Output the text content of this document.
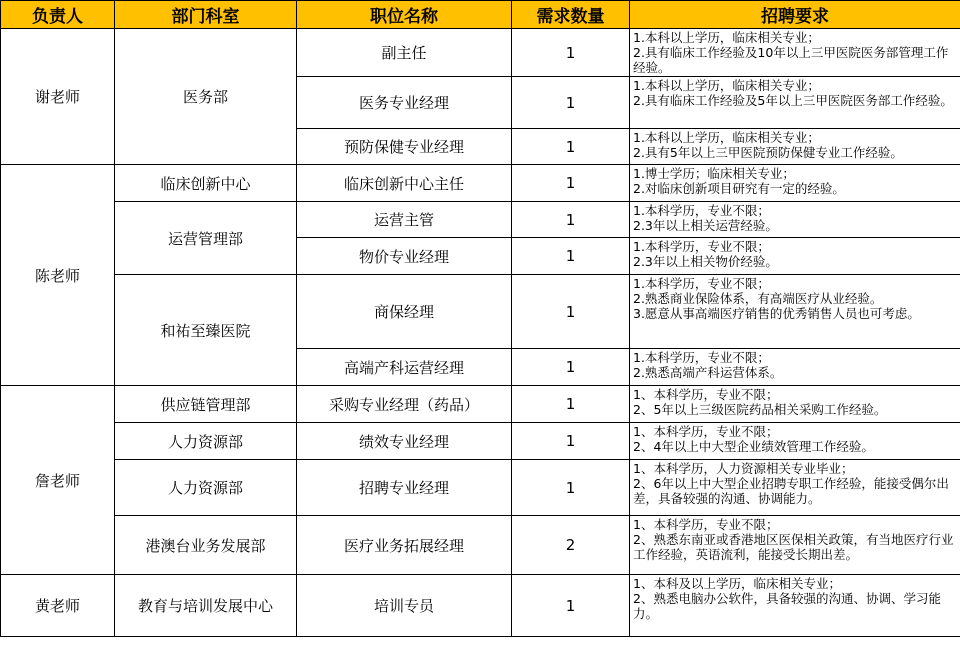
负责人	部门科室	职位名称	需求数量	招聘要求
谢老师	医务部	副主任	1	1.本科以上学历，临床相关专业；
2.具有临床工作经验及10年以上三甲医院医务部管理工作经验。

		医务专业经理	1	1.本科以上学历，临床相关专业；
2.具有临床工作经验及5年以上三甲医院医务部工作经验。

		预防保健专业经理	1	1.本科以上学历，临床相关专业；
2.具有5年以上三甲医院预防保健专业工作经验。

陈老师	临床创新中心	临床创新中心主任	1	1.博士学历；临床相关专业；
2.对临床创新项目研究有一定的经验。

	运营管理部	运营主管	1	1.本科学历，专业不限；
2.3年以上相关运营经验。

		物价专业经理	1	1.本科学历，专业不限；
2.3年以上相关物价经验。

	和祐至臻医院	商保经理	1	1.本科学历，专业不限；
2.熟悉商业保险体系，有高端医疗从业经验。
3.愿意从事高端医疗销售的优秀销售人员也可考虑。

		高端产科运营经理	1	1.本科学历，专业不限；
2.熟悉高端产科运营体系。

詹老师	供应链管理部	采购专业经理（药品）	1	1、本科学历，专业不限；
2、5年以上三级医院药品相关采购工作经验。

	人力资源部	绩效专业经理	1	1、本科学历，专业不限；
2、4年以上中大型企业绩效管理工作经验。

	人力资源部	招聘专业经理	1	1、本科学历，人力资源相关专业毕业；
2、6年以上中大型企业招聘专职工作经验，能接受偶尔出差，具备较强的沟通、协调能力。

	港澳台业务发展部	医疗业务拓展经理	2	1、本科学历，专业不限；
2、熟悉东南亚或香港地区医保相关政策，有当地医疗行业工作经验，英语流利，能接受长期出差。

黄老师	教育与培训发展中心	培训专员	1	1、本科及以上学历，临床相关专业；
2、熟悉电脑办公软件，具备较强的沟通、协调、学习能力。
